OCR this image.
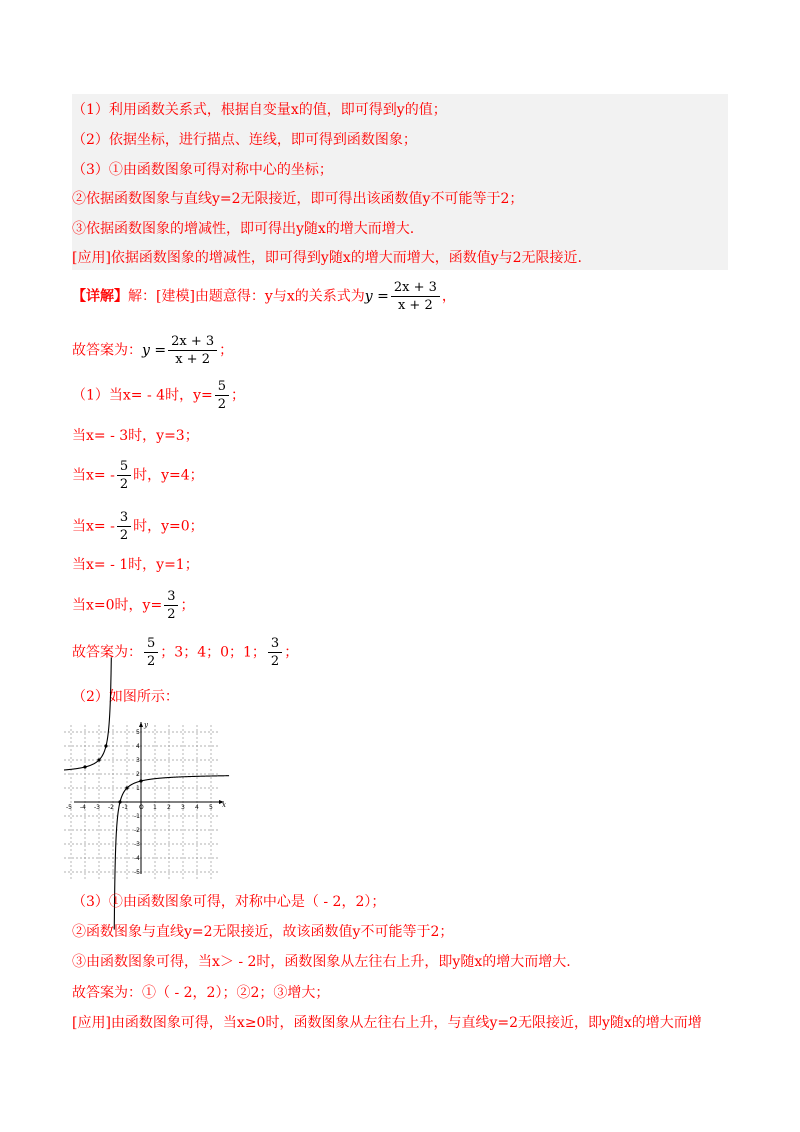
（1）利用函数关系式，根据自变量x的值，即可得到y的值；
（2）依据坐标，进行描点、连线，即可得到函数图象；
（3）①由函数图象可得对称中心的坐标；
②依据函数图象与直线y=2无限接近，即可得出该函数值y不可能等于2；
③依据函数图象的增减性，即可得出y随x的增大而增大.
[应用]依据函数图象的增减性，即可得到y随x的增大而增大，函数值y与2无限接近.
【详解】解：[建模]由题意得：y与x的关系式为$y = \frac{2x + 3}{x + 2}$ ，
故答案为：$y = \frac{2x + 3}{x + 2}$ ；
（1）当x= - 4时，$y= \frac{5}{2}$ ；
当x= - 3时，y=3；
当$x= - \frac{5}{2}$ 时，y=4；
当$x= - \frac{3}{2}$ 时，y=0；
当x= - 1时，y=1；
当x=0时，$y= \frac{3}{2}$ ；
故答案为： $\frac{5}{2}$ ；3；4；0；1； $\frac{3}{2}$ ；
（2）如图所示：
x
y
-5 -4 -3 -2 -1 O 1 2 3 4 5
5
4
3
2
1
-1
-2
-3
-4
-5
（3）①由函数图象可得，对称中心是（ - 2，2）；
②函数图象与直线y=2无限接近，故该函数值y不可能等于2；
③由函数图象可得，当x＞ - 2时，函数图象从左往右上升，即y随x的增大而增大.
故答案为：①（ - 2，2）；②2；③增大；
[应用]由函数图象可得，当x≥0时，函数图象从左往右上升，与直线y=2无限接近，即y随x的增大而增
